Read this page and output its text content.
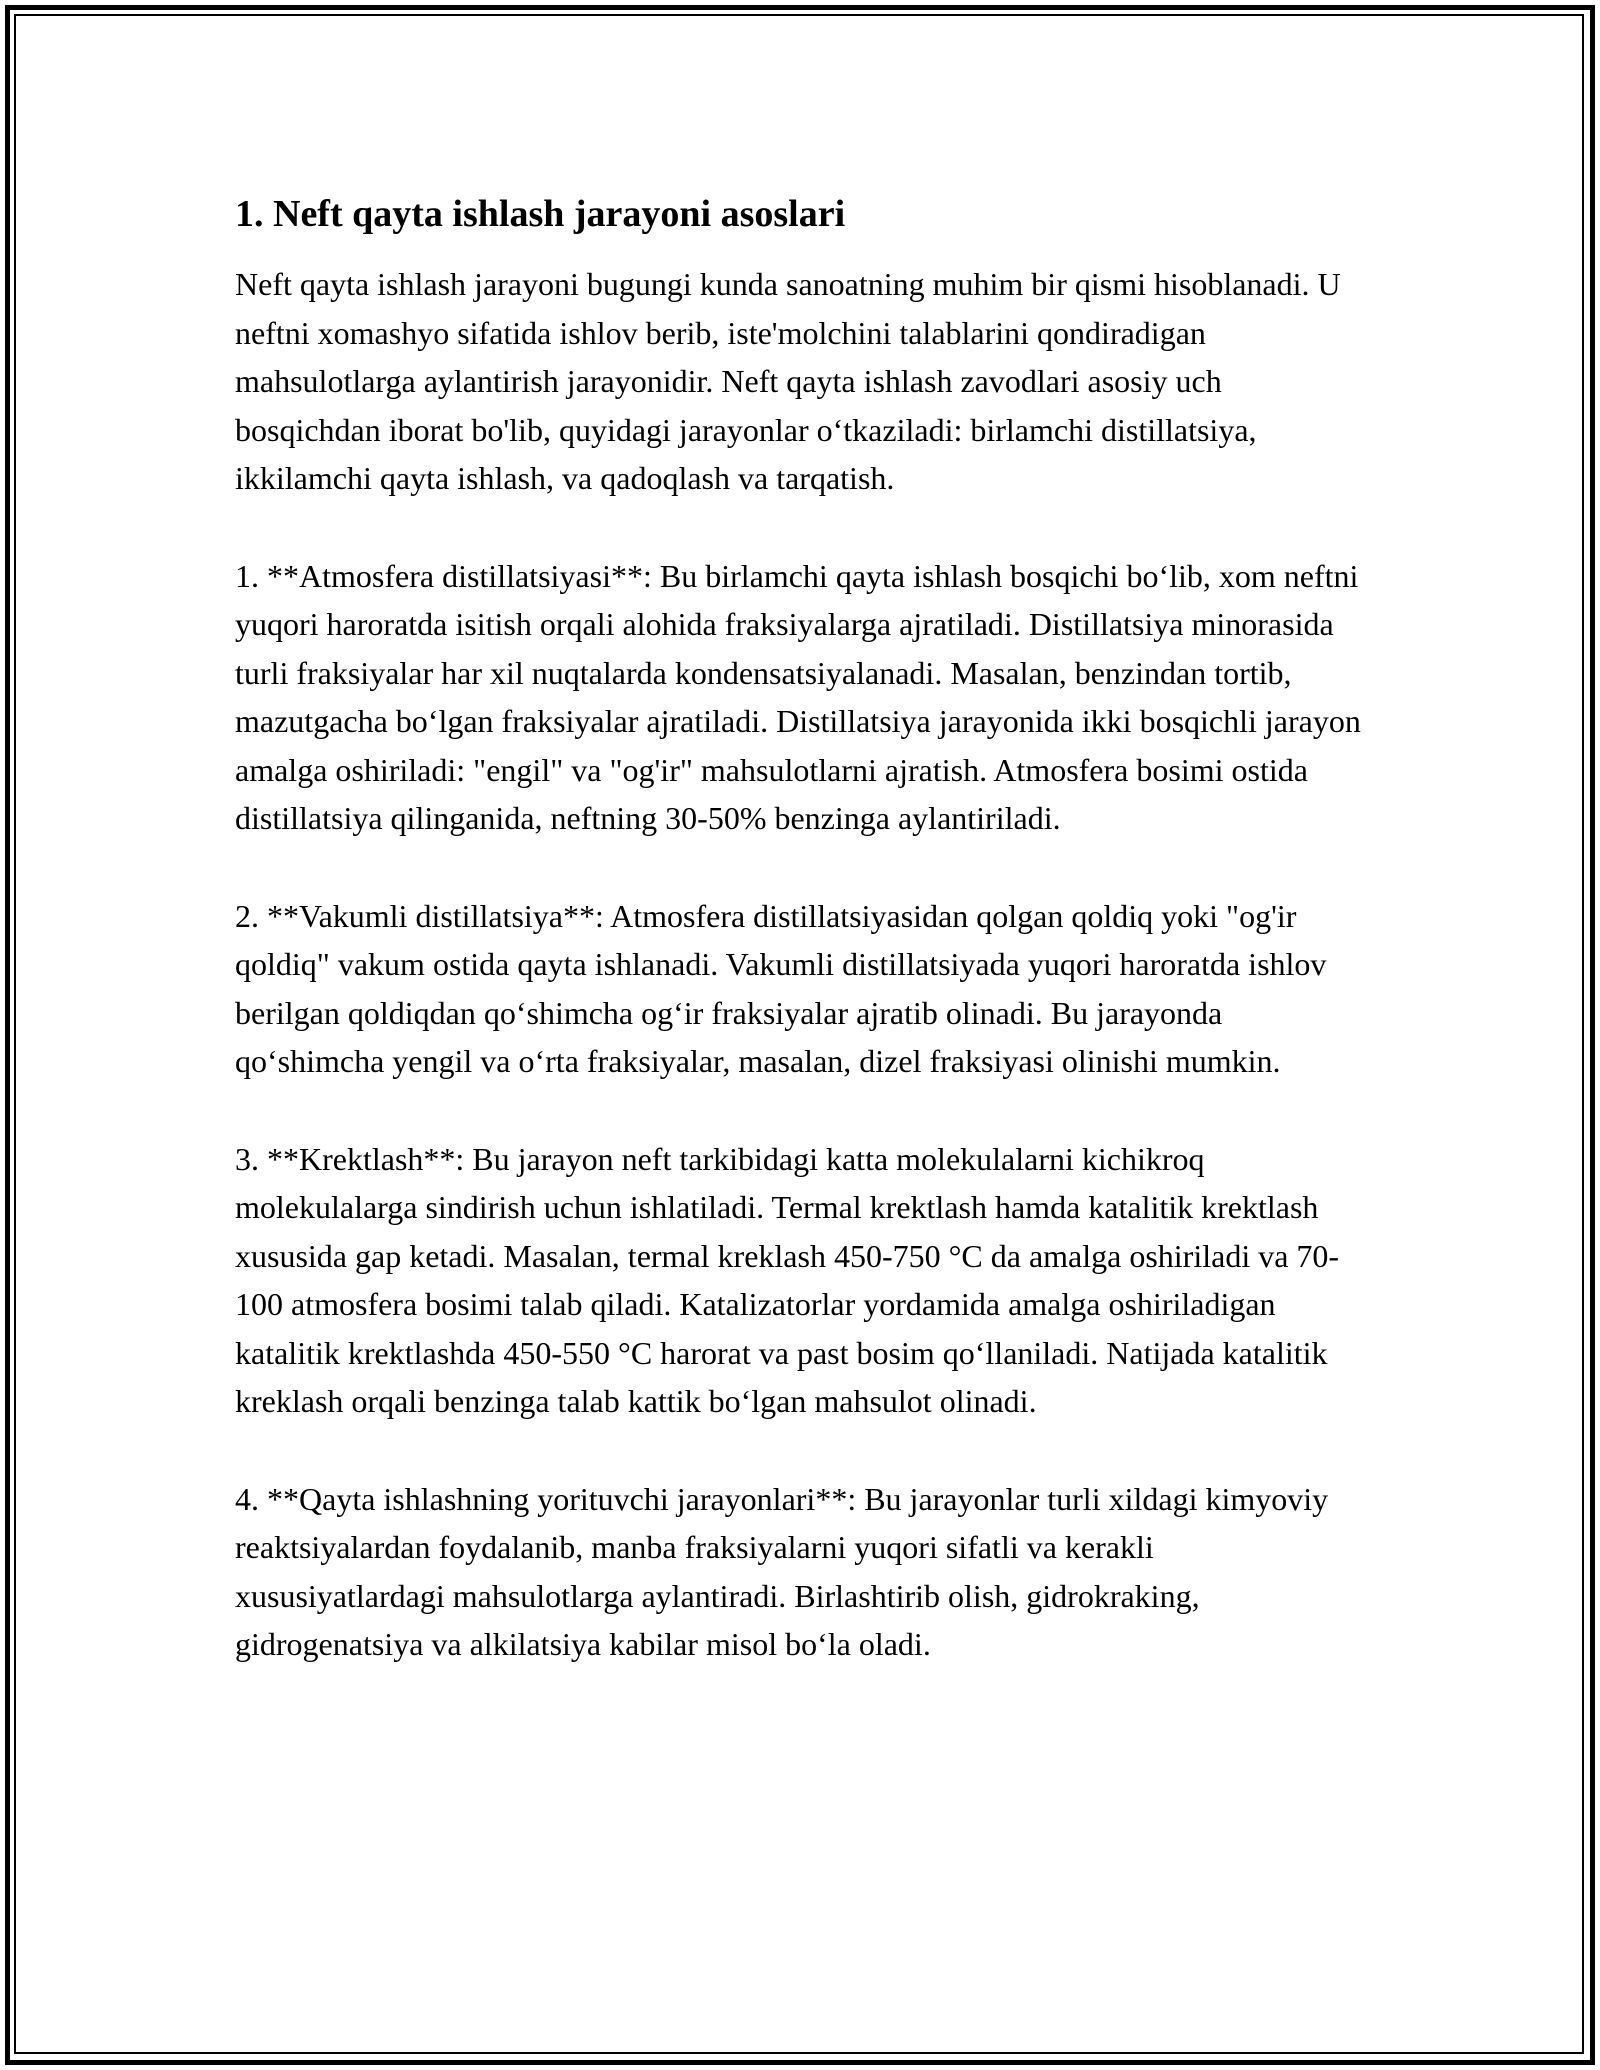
1. Neft qayta ishlash jarayoni asoslari

Neft qayta ishlash jarayoni bugungi kunda sanoatning muhim bir qismi hisoblanadi. U neftni xomashyo sifatida ishlov berib, iste'molchini talablarini qondiradigan mahsulotlarga aylantirish jarayonidir. Neft qayta ishlash zavodlari asosiy uch bosqichdan iborat bo'lib, quyidagi jarayonlar o‘tkaziladi: birlamchi distillatsiya, ikkilamchi qayta ishlash, va qadoqlash va tarqatish.

1. **Atmosfera distillatsiyasi**: Bu birlamchi qayta ishlash bosqichi bo‘lib, xom neftni yuqori haroratda isitish orqali alohida fraksiyalarga ajratiladi. Distillatsiya minorasida turli fraksiyalar har xil nuqtalarda kondensatsiyalanadi. Masalan, benzindan tortib, mazutgacha bo‘lgan fraksiyalar ajratiladi. Distillatsiya jarayonida ikki bosqichli jarayon amalga oshiriladi: "engil" va "og'ir" mahsulotlarni ajratish. Atmosfera bosimi ostida distillatsiya qilinganida, neftning 30-50% benzinga aylantiriladi.

2. **Vakumli distillatsiya**: Atmosfera distillatsiyasidan qolgan qoldiq yoki "og'ir qoldiq" vakum ostida qayta ishlanadi. Vakumli distillatsiyada yuqori haroratda ishlov berilgan qoldiqdan qo‘shimcha og‘ir fraksiyalar ajratib olinadi. Bu jarayonda qo‘shimcha yengil va o‘rta fraksiyalar, masalan, dizel fraksiyasi olinishi mumkin.

3. **Krektlash**: Bu jarayon neft tarkibidagi katta molekulalarni kichikroq molekulalarga sindirish uchun ishlatiladi. Termal krektlash hamda katalitik krektlash xususida gap ketadi. Masalan, termal kreklash 450-750 °C da amalga oshiriladi va 70-100 atmosfera bosimi talab qiladi. Katalizatorlar yordamida amalga oshiriladigan katalitik krektlashda 450-550 °C harorat va past bosim qo‘llaniladi. Natijada katalitik kreklash orqali benzinga talab kattik bo‘lgan mahsulot olinadi.

4. **Qayta ishlashning yorituvchi jarayonlari**: Bu jarayonlar turli xildagi kimyoviy reaktsiyalardan foydalanib, manba fraksiyalarni yuqori sifatli va kerakli xususiyatlardagi mahsulotlarga aylantiradi. Birlashtirib olish, gidrokraking, gidrogenatsiya va alkilatsiya kabilar misol bo‘la oladi.
